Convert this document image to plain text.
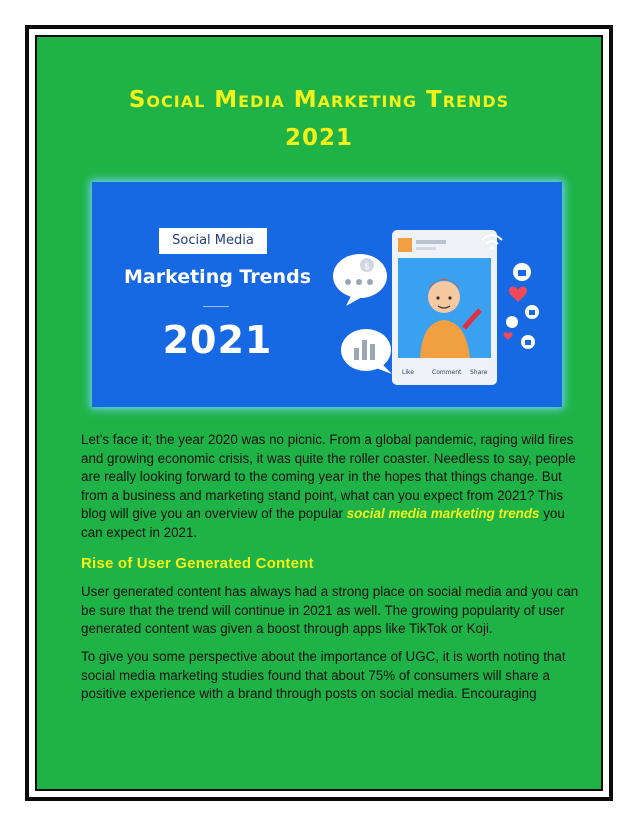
Social Media Marketing Trends
2021
Social Media
Marketing Trends
2021
$
Like	Comment Share

Let’s face it; the year 2020 was no picnic. From a global pandemic, raging wild fires and growing economic crisis, it was quite the roller coaster. Needless to say, people are really looking forward to the coming year in the hopes that things change. But from a business and marketing stand point, what can you expect from 2021? This blog will give you an overview of the popular social media marketing trends you can expect in 2021.

Rise of User Generated Content

User generated content has always had a strong place on social media and you can be sure that the trend will continue in 2021 as well. The growing popularity of user generated content was given a boost through apps like TikTok or Koji.

To give you some perspective about the importance of UGC, it is worth noting that social media marketing studies found that about 75% of consumers will share a positive experience with a brand through posts on social media. Encouraging
